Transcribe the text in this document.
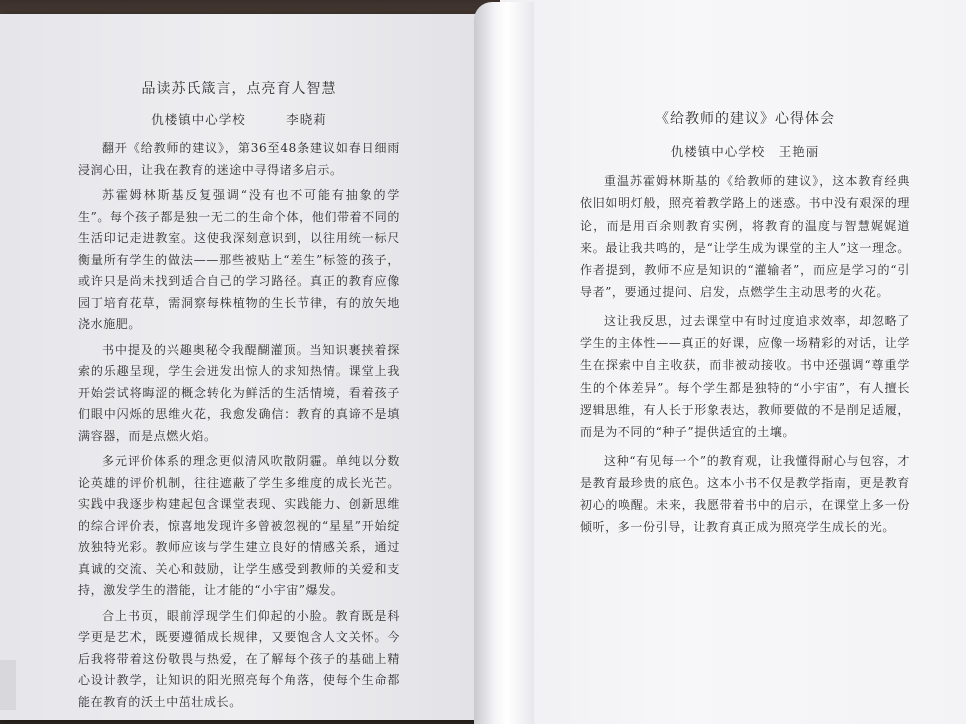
品读苏氏箴言，点亮育人智慧
仇楼镇中心学校　　　李晓莉

翻开《给教师的建议》，第36至48条建议如春日细雨浸润心田，让我在教育的迷途中寻得诸多启示。

苏霍姆林斯基反复强调“没有也不可能有抽象的学生”。每个孩子都是独一无二的生命个体，他们带着不同的生活印记走进教室。这使我深刻意识到，以往用统一标尺衡量所有学生的做法——那些被贴上“差生”标签的孩子，或许只是尚未找到适合自己的学习路径。真正的教育应像园丁培育花草，需洞察每株植物的生长节律，有的放矢地浇水施肥。

书中提及的兴趣奥秘令我醍醐灌顶。当知识裹挟着探索的乐趣呈现，学生会迸发出惊人的求知热情。课堂上我开始尝试将晦涩的概念转化为鲜活的生活情境，看着孩子们眼中闪烁的思维火花，我愈发确信：教育的真谛不是填满容器，而是点燃火焰。

多元评价体系的理念更似清风吹散阴霾。单纯以分数论英雄的评价机制，往往遮蔽了学生多维度的成长光芒。实践中我逐步构建起包含课堂表现、实践能力、创新思维的综合评价表，惊喜地发现许多曾被忽视的“星星”开始绽放独特光彩。教师应该与学生建立良好的情感关系，通过真诚的交流、关心和鼓励，让学生感受到教师的关爱和支持，激发学生的潜能，让才能的“小宇宙”爆发。

合上书页，眼前浮现学生们仰起的小脸。教育既是科学更是艺术，既要遵循成长规律，又要饱含人文关怀。今后我将带着这份敬畏与热爱，在了解每个孩子的基础上精心设计教学，让知识的阳光照亮每个角落，使每个生命都能在教育的沃土中茁壮成长。

《给教师的建议》心得体会
仇楼镇中心学校　王艳丽

重温苏霍姆林斯基的《给教师的建议》，这本教育经典依旧如明灯般，照亮着教学路上的迷惑。书中没有艰深的理论，而是用百余则教育实例，将教育的温度与智慧娓娓道来。最让我共鸣的，是“让学生成为课堂的主人”这一理念。作者提到，教师不应是知识的“灌输者”，而应是学习的“引导者”，要通过提问、启发，点燃学生主动思考的火花。

这让我反思，过去课堂中有时过度追求效率，却忽略了学生的主体性——真正的好课，应像一场精彩的对话，让学生在探索中自主收获，而非被动接收。书中还强调“尊重学生的个体差异”。每个学生都是独特的“小宇宙”，有人擅长逻辑思维，有人长于形象表达，教师要做的不是削足适履，而是为不同的“种子”提供适宜的土壤。

这种“有见每一个”的教育观，让我懂得耐心与包容，才是教育最珍贵的底色。这本小书不仅是教学指南，更是教育初心的唤醒。未来，我愿带着书中的启示，在课堂上多一份倾听，多一份引导，让教育真正成为照亮学生成长的光。
